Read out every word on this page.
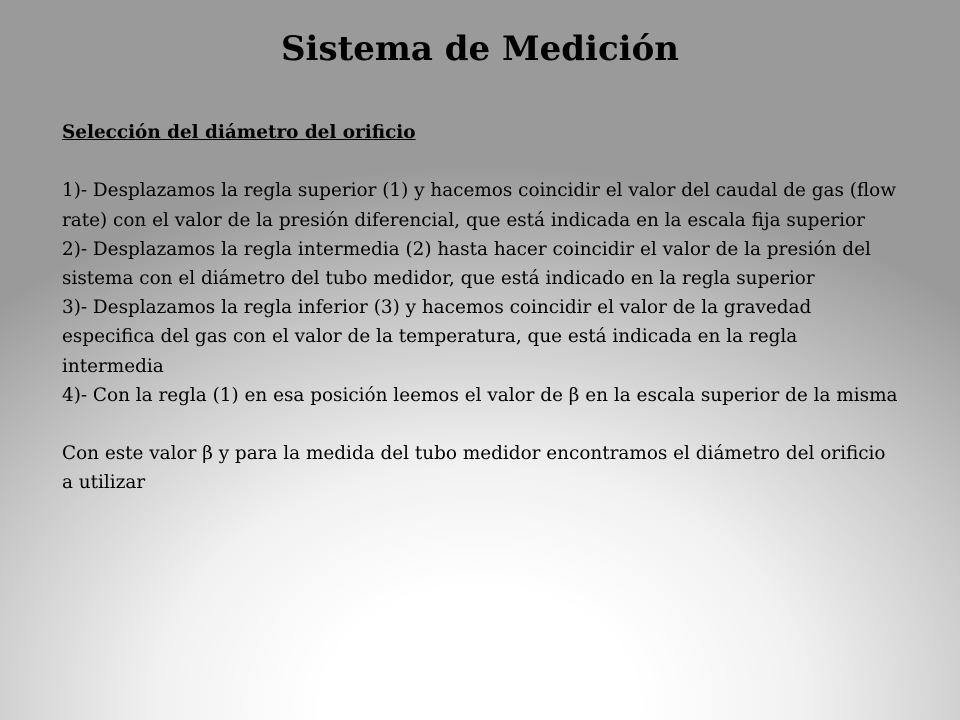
Sistema de Medición

Selección del diámetro del orificio

1)- Desplazamos la regla superior (1) y hacemos coincidir el valor del caudal de gas (flow rate) con el valor de la presión diferencial, que está indicada en la escala fija superior

2)- Desplazamos la regla intermedia (2) hasta hacer coincidir el valor de la presión del sistema con el diámetro del tubo medidor, que está indicado en la regla superior

3)- Desplazamos la regla inferior (3) y hacemos coincidir el valor de la gravedad especifica del gas con el valor de la temperatura, que está indicada en la regla intermedia

4)- Con la regla (1) en esa posición leemos el valor de β en la escala superior de la misma

Con este valor β y para la medida del tubo medidor encontramos el diámetro del orificio a utilizar
